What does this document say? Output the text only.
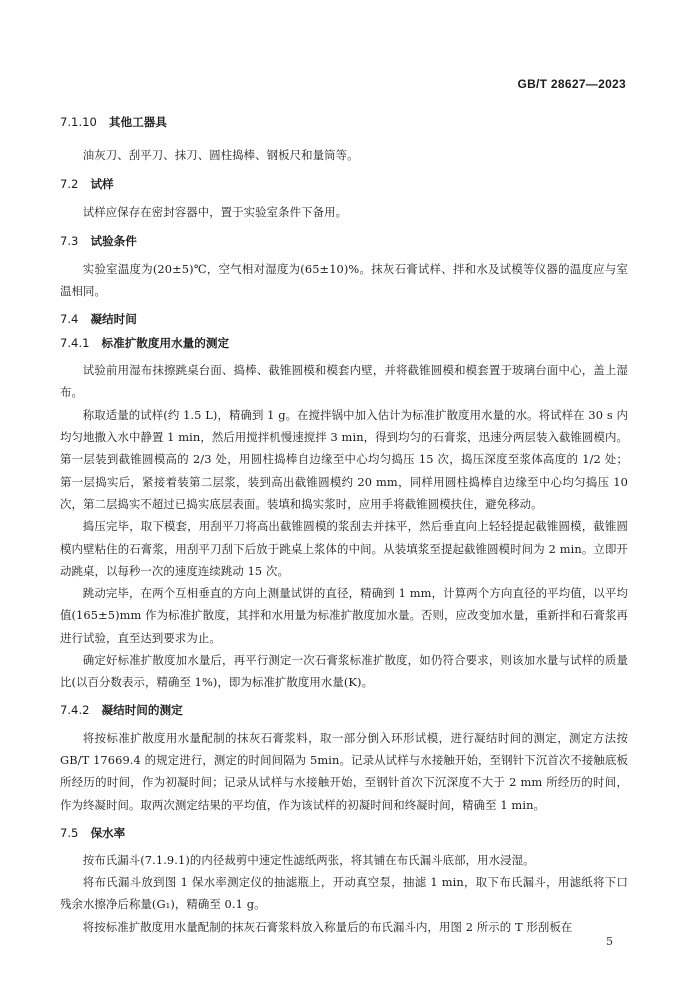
GB/T 28627—2023
7.1.10 其他工器具

油灰刀、刮平刀、抹刀、圆柱捣棒、钢板尺和量筒等。

7.2 试样

试样应保存在密封容器中，置于实验室条件下备用。

7.3 试验条件

实验室温度为(20±5)℃，空气相对湿度为(65±10)%。抹灰石膏试样、拌和水及试模等仪器的温度应与室温相同。

7.4 凝结时间
7.4.1 标准扩散度用水量的测定

试验前用湿布抹擦跳桌台面、捣棒、截锥圆模和模套内壁，并将截锥圆模和模套置于玻璃台面中心，盖上湿布。

称取适量的试样(约 1.5 L)，精确到 1 g。在搅拌锅中加入估计为标准扩散度用水量的水。将试样在 30 s 内均匀地撒入水中静置 1 min，然后用搅拌机慢速搅拌 3 min，得到均匀的石膏浆，迅速分两层装入截锥圆模内。第一层装到截锥圆模高的 2/3 处，用圆柱捣棒自边缘至中心均匀捣压 15 次，捣压深度至浆体高度的 1/2 处；第一层捣实后，紧接着装第二层浆，装到高出截锥圆模约 20 mm，同样用圆柱捣棒自边缘至中心均匀捣压 10 次，第二层捣实不超过已捣实底层表面。装填和捣实浆时，应用手将截锥圆模扶住，避免移动。

捣压完毕，取下模套，用刮平刀将高出截锥圆模的浆刮去并抹平，然后垂直向上轻轻提起截锥圆模，截锥圆模内壁粘住的石膏浆，用刮平刀刮下后放于跳桌上浆体的中间。从装填浆至提起截锥圆模时间为 2 min。立即开动跳桌，以每秒一次的速度连续跳动 15 次。

跳动完毕，在两个互相垂直的方向上测量试饼的直径，精确到 1 mm，计算两个方向直径的平均值，以平均值(165±5)mm 作为标准扩散度，其拌和水用量为标准扩散度加水量。否则，应改变加水量，重新拌和石膏浆再进行试验，直至达到要求为止。

确定好标准扩散度加水量后，再平行测定一次石膏浆标准扩散度，如仍符合要求，则该加水量与试样的质量比(以百分数表示，精确至 1%)，即为标准扩散度用水量(K)。

7.4.2 凝结时间的测定

将按标准扩散度用水量配制的抹灰石膏浆料，取一部分倒入环形试模，进行凝结时间的测定，测定方法按 GB/T 17669.4 的规定进行，测定的时间间隔为 5min。记录从试样与水接触开始，至钢针下沉首次不接触底板所经历的时间，作为初凝时间；记录从试样与水接触开始，至钢针首次下沉深度不大于 2 mm 所经历的时间，作为终凝时间。取两次测定结果的平均值，作为该试样的初凝时间和终凝时间，精确至 1 min。

7.5 保水率

按布氏漏斗(7.1.9.1)的内径裁剪中速定性滤纸两张，将其铺在布氏漏斗底部，用水浸湿。

将布氏漏斗放到图 1 保水率测定仪的抽滤瓶上，开动真空泵，抽滤 1 min，取下布氏漏斗，用滤纸将下口残余水擦净后称量(G₁)，精确至 0.1 g。

将按标准扩散度用水量配制的抹灰石膏浆料放入称量后的布氏漏斗内，用图 2 所示的 T 形刮板在

5
